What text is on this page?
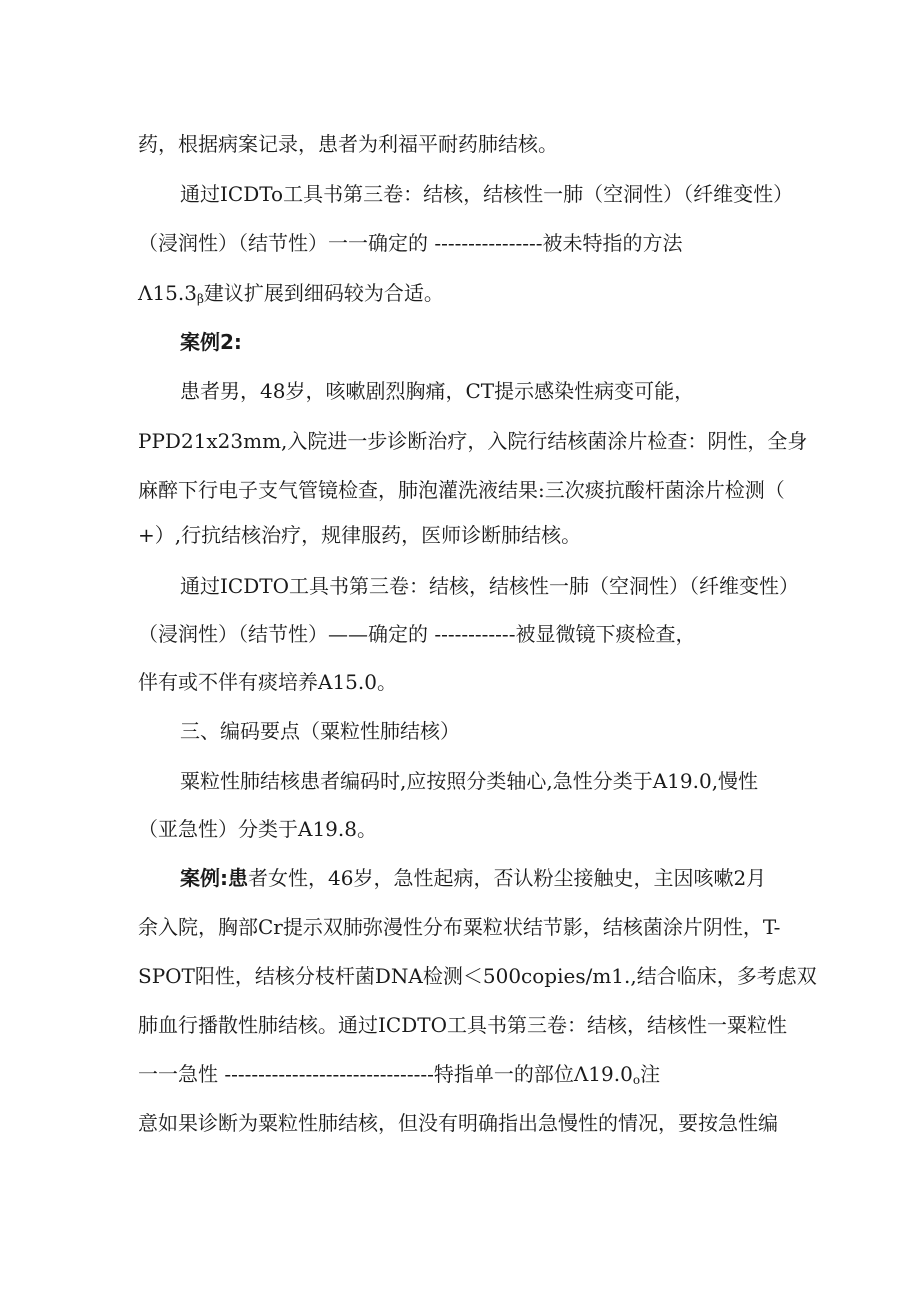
药，根据病案记录，患者为利福平耐药肺结核。
通过ICDTo工具书第三卷：结核，结核性一肺（空洞性）（纤维变性）
（浸润性）（结节性）一一确定的 ----------------被未特指的方法
$\Lambda 15.3_\beta$建议扩展到细码较为合适。
案例2:
患者男，48岁，咳嗽剧烈胸痛，CT提示感染性病变可能，
PPD21x23mm,入院进一步诊断治疗，入院行结核菌涂片检查：阴性，全身
麻醉下行电子支气管镜检查，肺泡灌洗液结果:三次痰抗酸杆菌涂片检测（
+）,行抗结核治疗，规律服药，医师诊断肺结核。
通过ICDTO工具书第三卷：结核，结核性一肺（空洞性）（纤维变性）
（浸润性）（结节性）——确定的 ------------被显微镜下痰检查，
伴有或不伴有痰培养A15.0。
三、编码要点（粟粒性肺结核）
粟粒性肺结核患者编码时,应按照分类轴心,急性分类于A19.0,慢性
（亚急性）分类于A19.8。
案例:患者女性，46岁，急性起病，否认粉尘接触史，主因咳嗽2月
余入院，胸部Cr提示双肺弥漫性分布粟粒状结节影，结核菌涂片阴性，T-
SPOT阳性，结核分枝杆菌DNA检测＜500copies/m1.,结合临床，多考虑双
肺血行播散性肺结核。通过ICDTO工具书第三卷：结核，结核性一粟粒性
一一急性 -------------------------------特指单一的部位$\Lambda 19.0_o$注
意如果诊断为粟粒性肺结核，但没有明确指出急慢性的情况，要按急性编
